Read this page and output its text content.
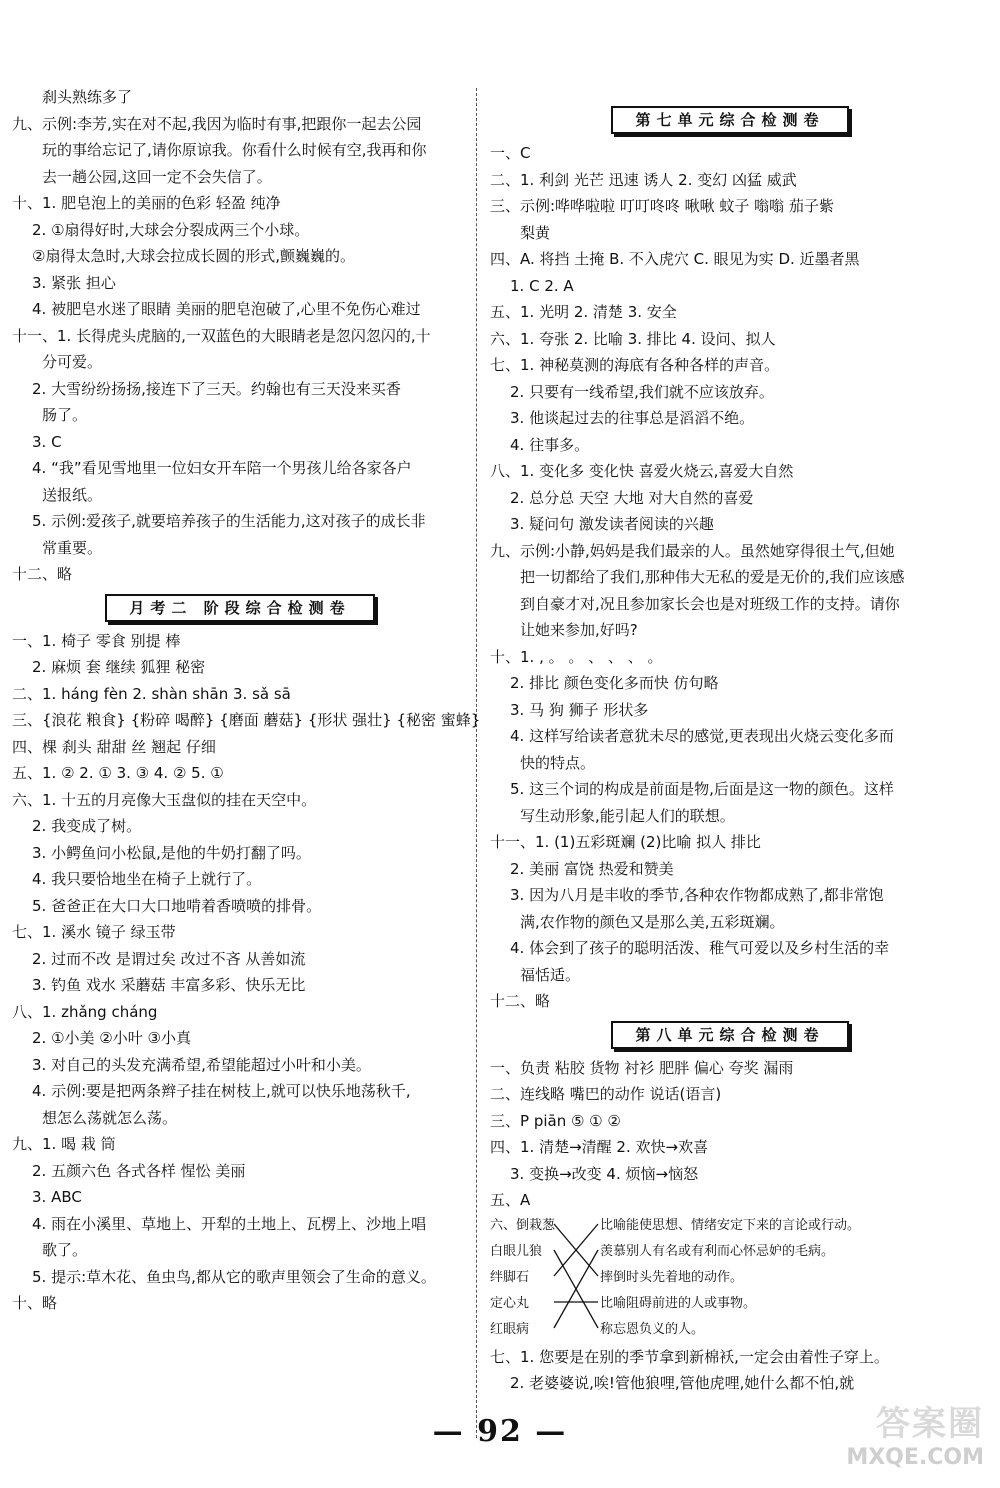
刹头熟练多了
九、示例:李芳,实在对不起,我因为临时有事,把跟你一起去公园
玩的事给忘记了,请你原谅我。你看什么时候有空,我再和你
去一趟公园,这回一定不会失信了。
十、1. 肥皂泡上的美丽的色彩 轻盈 纯净
2. ①扇得好时,大球会分裂成两三个小球。
②扇得太急时,大球会拉成长圆的形式,颤巍巍的。
3. 紧张 担心
4. 被肥皂水迷了眼睛 美丽的肥皂泡破了,心里不免伤心难过
十一、1. 长得虎头虎脑的,一双蓝色的大眼睛老是忽闪忽闪的,十
分可爱。
2. 大雪纷纷扬扬,接连下了三天。约翰也有三天没来买香
肠了。
3. C
4. “我”看见雪地里一位妇女开车陪一个男孩儿给各家各户
送报纸。
5. 示例:爱孩子,就要培养孩子的生活能力,这对孩子的成长非
常重要。
十二、略
月考二 阶段综合检测卷
一、1. 椅子 零食 别提 棒
2. 麻烦 套 继续 狐狸 秘密
二、1. háng fèn 2. shàn shān 3. sǎ sā
三、{浪花 粮食} {粉碎 喝醉} {磨面 蘑菇} {形状 强壮} {秘密 蜜蜂}
四、棵 刹头 甜甜 丝 翘起 仔细
五、1. ② 2. ① 3. ③ 4. ② 5. ①
六、1. 十五的月亮像大玉盘似的挂在天空中。
2. 我变成了树。
3. 小鳄鱼问小松鼠,是他的牛奶打翻了吗。
4. 我只要恰地坐在椅子上就行了。
5. 爸爸正在大口大口地啃着香喷喷的排骨。
七、1. 溪水 镜子 绿玉带
2. 过而不改 是谓过矣 改过不吝 从善如流
3. 钓鱼 戏水 采蘑菇 丰富多彩、快乐无比
八、1. zhǎng cháng
2. ①小美 ②小叶 ③小真
3. 对自己的头发充满希望,希望能超过小叶和小美。
4. 示例:要是把两条辫子挂在树枝上,就可以快乐地荡秋千,
想怎么荡就怎么荡。
九、1. 喝 栽 筒
2. 五颜六色 各式各样 惺忪 美丽
3. ABC
4. 雨在小溪里、草地上、开犁的土地上、瓦楞上、沙地上唱
歌了。
5. 提示:草木花、鱼虫鸟,都从它的歌声里领会了生命的意义。
十、略
第七单元综合检测卷
一、C
二、1. 利剑 光芒 迅速 诱人 2. 变幻 凶猛 威武
三、示例:哗哗啦啦 叮叮咚咚 啾啾 蚊子 嗡嗡 茄子紫
梨黄
四、A. 将挡 土掩 B. 不入虎穴 C. 眼见为实 D. 近墨者黑
1. C 2. A
五、1. 光明 2. 清楚 3. 安全
六、1. 夸张 2. 比喻 3. 排比 4. 设问、拟人
七、1. 神秘莫测的海底有各种各样的声音。
2. 只要有一线希望,我们就不应该放弃。
3. 他谈起过去的往事总是滔滔不绝。
4. 往事多。
八、1. 变化多 变化快 喜爱火烧云,喜爱大自然
2. 总分总 天空 大地 对大自然的喜爱
3. 疑问句 激发读者阅读的兴趣
九、示例:小静,妈妈是我们最亲的人。虽然她穿得很土气,但她
把一切都给了我们,那种伟大无私的爱是无价的,我们应该感
到自豪才对,况且参加家长会也是对班级工作的支持。请你
让她来参加,好吗?
十、1. , 。 。 、 、 、 。
2. 排比 颜色变化多而快 仿句略
3. 马 狗 狮子 形状多
4. 这样写给读者意犹未尽的感觉,更表现出火烧云变化多而
快的特点。
5. 这三个词的构成是前面是物,后面是这一物的颜色。这样
写生动形象,能引起人们的联想。
十一、1. (1)五彩斑斓 (2)比喻 拟人 排比
2. 美丽 富饶 热爱和赞美
3. 因为八月是丰收的季节,各种农作物都成熟了,都非常饱
满,农作物的颜色又是那么美,五彩斑斓。
4. 体会到了孩子的聪明活泼、稚气可爱以及乡村生活的幸
福恬适。
十二、略
第八单元综合检测卷
一、负责 粘胶 货物 衬衫 肥胖 偏心 夸奖 漏雨
二、连线略 嘴巴的动作 说话(语言)
三、P piān ⑤ ① ②
四、1. 清楚→清醒 2. 欢快→欢喜
3. 变换→改变 4. 烦恼→恼怒
五、A
六、倒栽葱
白眼儿狼
绊脚石
定心丸
红眼病
比喻能使思想、情绪安定下来的言论或行动。
羡慕别人有名或有利而心怀忌妒的毛病。
摔倒时头先着地的动作。
比喻阻碍前进的人或事物。
称忘恩负义的人。
七、1. 您要是在别的季节拿到新棉袄,一定会由着性子穿上。
2. 老婆婆说,唉!管他狼哩,管他虎哩,她什么都不怕,就
— 92 —	答案圈
MXQE.COM
